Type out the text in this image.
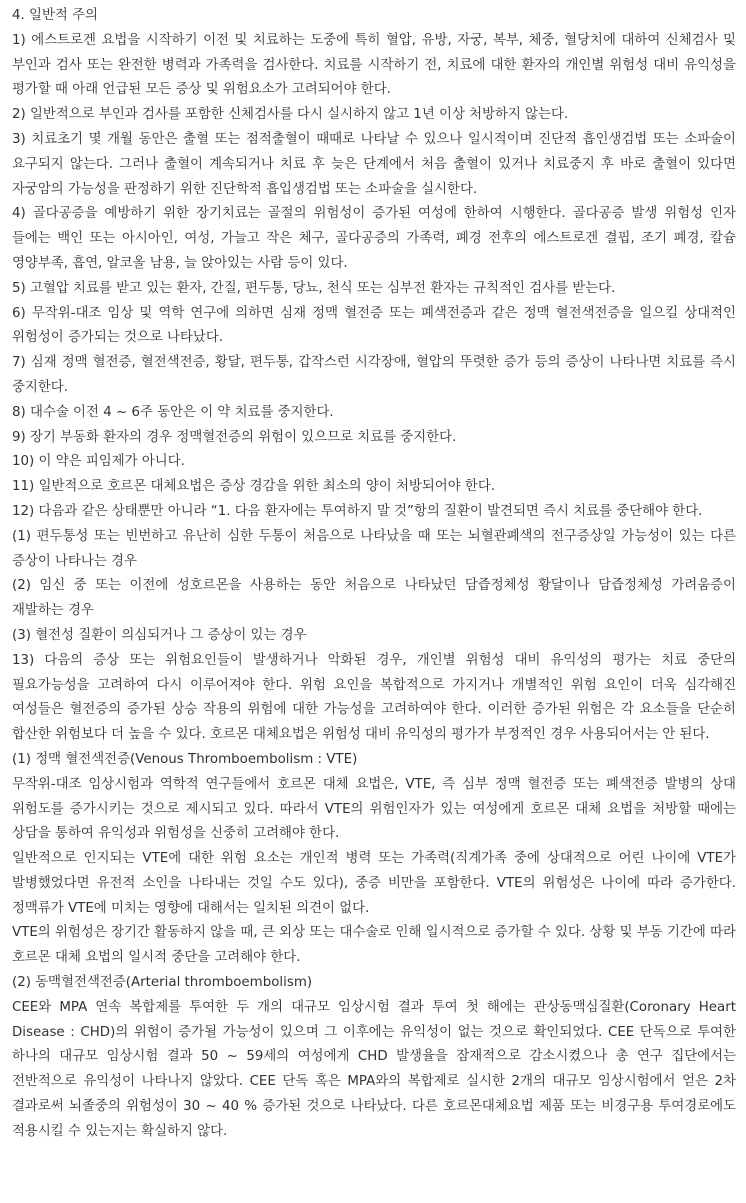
4. 일반적 주의

1) 에스트로겐 요법을 시작하기 이전 및 치료하는 도중에 특히 혈압, 유방, 자궁, 복부, 체중, 혈당치에 대하여 신체검사 및 부인과 검사 또는 완전한 병력과 가족력을 검사한다. 치료를 시작하기 전, 치료에 대한 환자의 개인별 위험성 대비 유익성을 평가할 때 아래 언급된 모든 증상 및 위험요소가 고려되어야 한다.

2) 일반적으로 부인과 검사를 포함한 신체검사를 다시 실시하지 않고 1년 이상 처방하지 않는다.

3) 치료초기 몇 개월 동안은 출혈 또는 점적출혈이 때때로 나타날 수 있으나 일시적이며 진단적 흡인생검법 또는 소파술이 요구되지 않는다. 그러나 출혈이 계속되거나 치료 후 늦은 단계에서 처음 출혈이 있거나 치료중지 후 바로 출혈이 있다면 자궁암의 가능성을 판정하기 위한 진단학적 흡입생검법 또는 소파술을 실시한다.

4) 골다공증을 예방하기 위한 장기치료는 골절의 위험성이 증가된 여성에 한하여 시행한다. 골다공증 발생 위험성 인자 들에는 백인 또는 아시아인, 여성, 가늘고 작은 체구, 골다공증의 가족력, 폐경 전후의 에스트로겐 결핍, 조기 폐경, 칼슘 영양부족, 흡연, 알코올 남용, 늘 앉아있는 사람 등이 있다.

5) 고혈압 치료를 받고 있는 환자, 간질, 편두통, 당뇨, 천식 또는 심부전 환자는 규칙적인 검사를 받는다.

6) 무작위-대조 임상 및 역학 연구에 의하면 심재 정맥 혈전증 또는 폐색전증과 같은 정맥 혈전색전증을 일으킬 상대적인 위험성이 증가되는 것으로 나타났다.

7) 심재 정맥 혈전증, 혈전색전증, 황달, 편두통, 갑작스런 시각장애, 혈압의 뚜렷한 증가 등의 증상이 나타나면 치료를 즉시 중지한다.

8) 대수술 이전 4 ~ 6주 동안은 이 약 치료를 중지한다.

9) 장기 부동화 환자의 경우 정맥혈전증의 위험이 있으므로 치료를 중지한다.

10) 이 약은 피임제가 아니다.

11) 일반적으로 호르몬 대체요법은 증상 경감을 위한 최소의 양이 처방되어야 한다.

12) 다음과 같은 상태뿐만 아니라 “1. 다음 환자에는 투여하지 말 것”항의 질환이 발견되면 즉시 치료를 중단해야 한다.

(1) 편두통성 또는 빈번하고 유난히 심한 두통이 처음으로 나타났을 때 또는 뇌혈관폐색의 전구증상일 가능성이 있는 다른 증상이 나타나는 경우

(2) 임신 중 또는 이전에 성호르몬을 사용하는 동안 처음으로 나타났던 담즙정체성 황달이나 담즙정체성 가려움증이 재발하는 경우

(3) 혈전성 질환이 의심되거나 그 증상이 있는 경우

13) 다음의 증상 또는 위험요인들이 발생하거나 악화된 경우, 개인별 위험성 대비 유익성의 평가는 치료 중단의 필요가능성을 고려하여 다시 이루어져야 한다. 위험 요인을 복합적으로 가지거나 개별적인 위험 요인이 더욱 심각해진 여성들은 혈전증의 증가된 상승 작용의 위험에 대한 가능성을 고려하여야 한다. 이러한 증가된 위험은 각 요소들을 단순히 합산한 위험보다 더 높을 수 있다. 호르몬 대체요법은 위험성 대비 유익성의 평가가 부정적인 경우 사용되어서는 안 된다.

(1) 정맥 혈전색전증(Venous Thromboembolism : VTE)

무작위-대조 임상시험과 역학적 연구들에서 호르몬 대체 요법은, VTE, 즉 심부 정맥 혈전증 또는 폐색전증 발병의 상대 위험도를 증가시키는 것으로 제시되고 있다. 따라서 VTE의 위험인자가 있는 여성에게 호르몬 대체 요법을 처방할 때에는 상담을 통하여 유익성과 위험성을 신중히 고려해야 한다.

일반적으로 인지되는 VTE에 대한 위험 요소는 개인적 병력 또는 가족력(직계가족 중에 상대적으로 어린 나이에 VTE가 발병했었다면 유전적 소인을 나타내는 것일 수도 있다), 중증 비만을 포함한다. VTE의 위험성은 나이에 따라 증가한다. 정맥류가 VTE에 미치는 영향에 대해서는 일치된 의견이 없다.

VTE의 위험성은 장기간 활동하지 않을 때, 큰 외상 또는 대수술로 인해 일시적으로 증가할 수 있다. 상황 및 부동 기간에 따라 호르몬 대체 요법의 일시적 중단을 고려해야 한다.

(2) 동맥혈전색전증(Arterial thromboembolism)

CEE와 MPA 연속 복합제를 투여한 두 개의 대규모 임상시험 결과 투여 첫 해에는 관상동맥심질환(Coronary Heart Disease : CHD)의 위험이 증가될 가능성이 있으며 그 이후에는 유익성이 없는 것으로 확인되었다. CEE 단독으로 투여한 하나의 대규모 임상시험 결과 50 ~ 59세의 여성에게 CHD 발생율을 잠재적으로 감소시켰으나 총 연구 집단에서는 전반적으로 유익성이 나타나지 않았다. CEE 단독 혹은 MPA와의 복합제로 실시한 2개의 대규모 임상시험에서 얻은 2차 결과로써 뇌졸중의 위험성이 30 ~ 40 % 증가된 것으로 나타났다. 다른 호르몬대체요법 제품 또는 비경구용 투여경로에도 적용시킬 수 있는지는 확실하지 않다.
